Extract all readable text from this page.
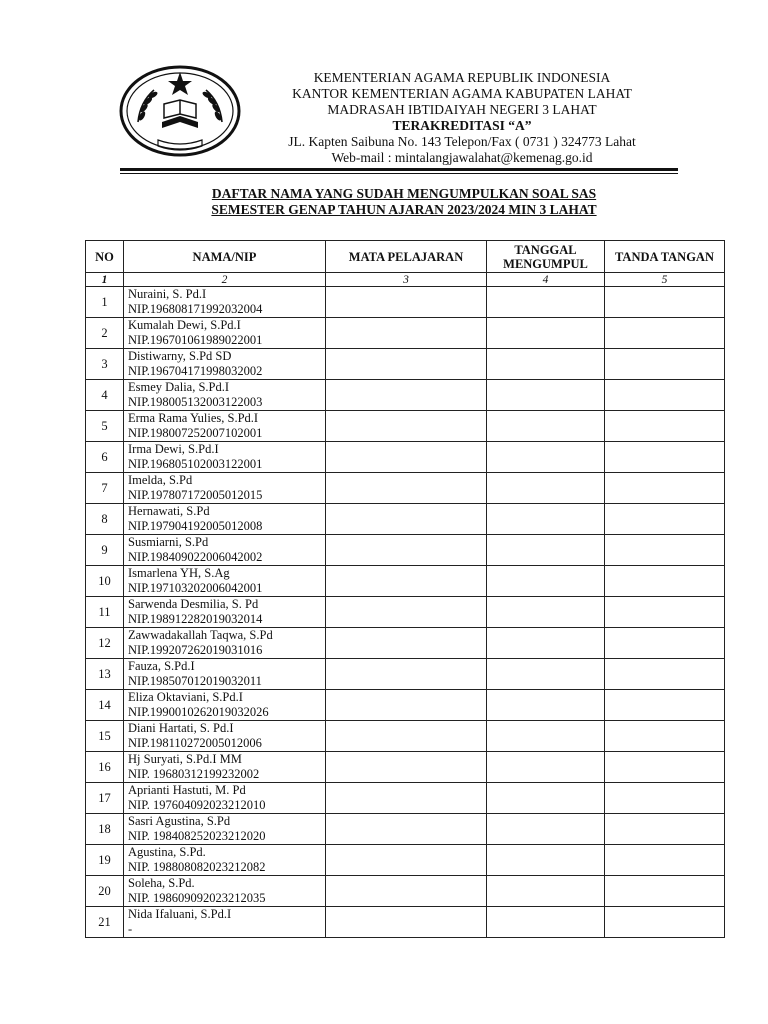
KEMENTERIAN AGAMA REPUBLIK INDONESIA
KANTOR KEMENTERIAN AGAMA KABUPATEN LAHAT
MADRASAH IBTIDAIYAH NEGERI 3 LAHAT
TERAKREDITASI “A”
JL. Kapten Saibuna No. 143 Telepon/Fax ( 0731 ) 324773 Lahat
Web-mail : mintalangjawalahat@kemenag.go.id
DAFTAR NAMA YANG SUDAH MENGUMPULKAN SOAL SAS
SEMESTER GENAP TAHUN AJARAN 2023/2024 MIN 3 LAHAT
NO	NAMA/NIP	MATA PELAJARAN	TANGGAL MENGUMPUL	TANDA TANGAN
1	2	3	4	5
1	Nuraini, S. Pd.I
NIP.196808171992032004			

2	Kumalah Dewi, S.Pd.I
NIP.196701061989022001			

3	Distiwarny, S.Pd SD
NIP.196704171998032002			

4	Esmey Dalia, S.Pd.I
NIP.198005132003122003			

5	Erma Rama Yulies, S.Pd.I
NIP.198007252007102001			

6	Irma Dewi, S.Pd.I
NIP.196805102003122001			

7	Imelda, S.Pd
NIP.197807172005012015			

8	Hernawati, S.Pd
NIP.197904192005012008			

9	Susmiarni, S.Pd
NIP.198409022006042002			

10	Ismarlena YH, S.Ag
NIP.197103202006042001			

11	Sarwenda Desmilia, S. Pd
NIP.198912282019032014			

12	Zawwadakallah Taqwa, S.Pd
NIP.199207262019031016			

13	Fauza, S.Pd.I
NIP.198507012019032011			

14	Eliza Oktaviani, S.Pd.I
NIP.1990010262019032026			

15	Diani Hartati, S. Pd.I
NIP.198110272005012006			

16	Hj Suryati, S.Pd.I MM
NIP. 19680312199232002			

17	Aprianti Hastuti, M. Pd
NIP. 197604092023212010			

18	Sasri Agustina, S.Pd
NIP. 198408252023212020			

19	Agustina, S.Pd.
NIP. 198808082023212082			

20	Soleha, S.Pd.
NIP. 198609092023212035			

21	Nida Ifaluani, S.Pd.I
-			
